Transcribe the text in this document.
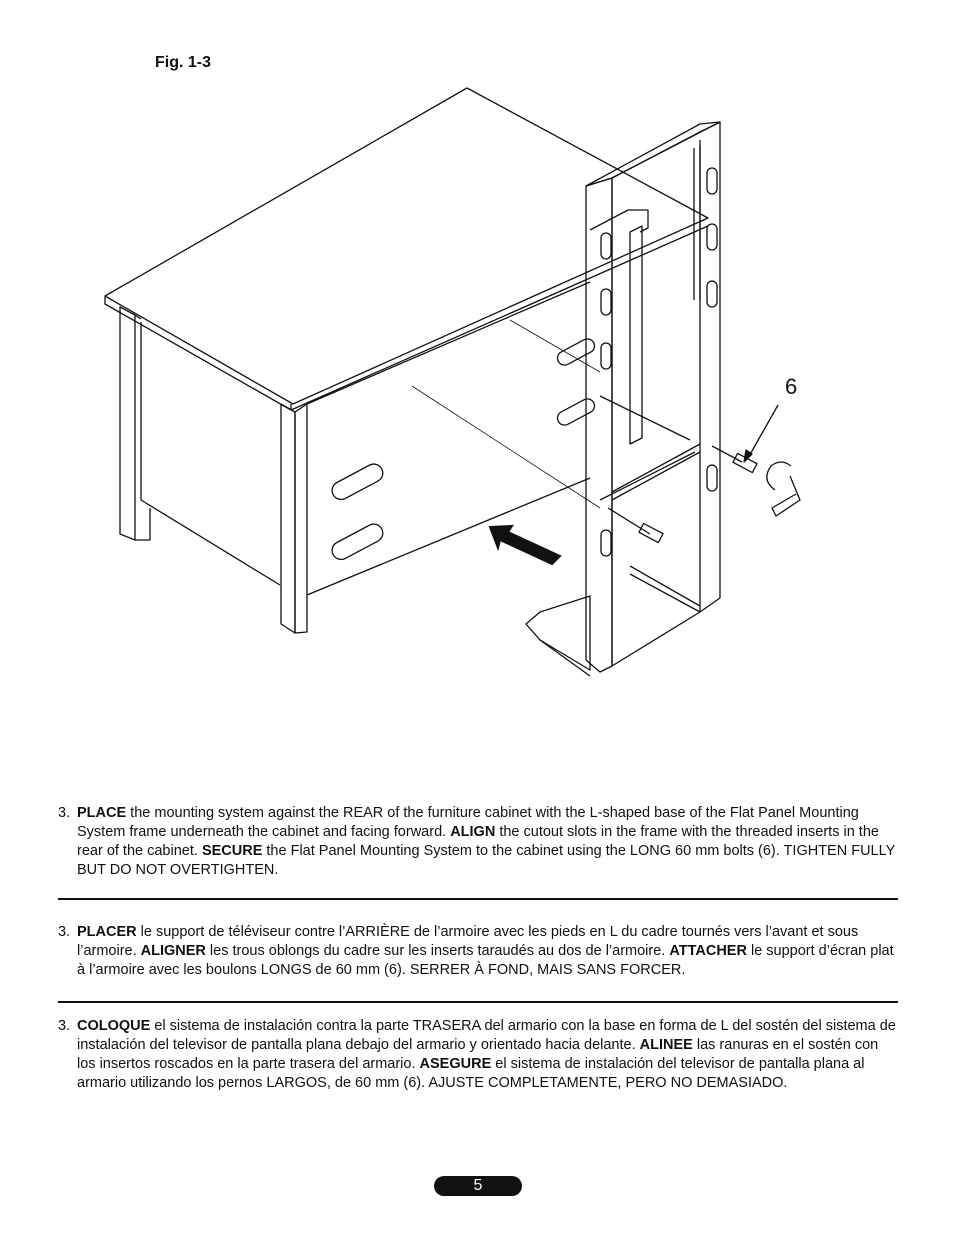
Fig. 1-3
6
3. PLACE the mounting system against the REAR of the furniture cabinet with the L-shaped base of the Flat Panel Mounting System frame underneath the cabinet and facing forward. ALIGN the cutout slots in the frame with the threaded inserts in the rear of the cabinet. SECURE the Flat Panel Mounting System to the cabinet using the LONG 60 mm bolts (6). TIGHTEN FULLY BUT DO NOT OVERTIGHTEN.
3. PLACER le support de téléviseur contre l’ARRIÈRE de l’armoire avec les pieds en L du cadre tournés vers l’avant et sous l’armoire. ALIGNER les trous oblongs du cadre sur les inserts taraudés au dos de l’armoire. ATTACHER le support d’écran plat à l’armoire avec les boulons LONGS de 60 mm (6). SERRER À FOND, MAIS SANS FORCER.
3. COLOQUE el sistema de instalación contra la parte TRASERA del armario con la base en forma de L del sostén del sistema de instalación del televisor de pantalla plana debajo del armario y orientado hacia delante. ALINEE las ranuras en el sostén con los insertos roscados en la parte trasera del armario. ASEGURE el sistema de instalación del televisor de pantalla plana al armario utilizando los pernos LARGOS, de 60 mm (6). AJUSTE COMPLETAMENTE, PERO NO DEMASIADO.
5
